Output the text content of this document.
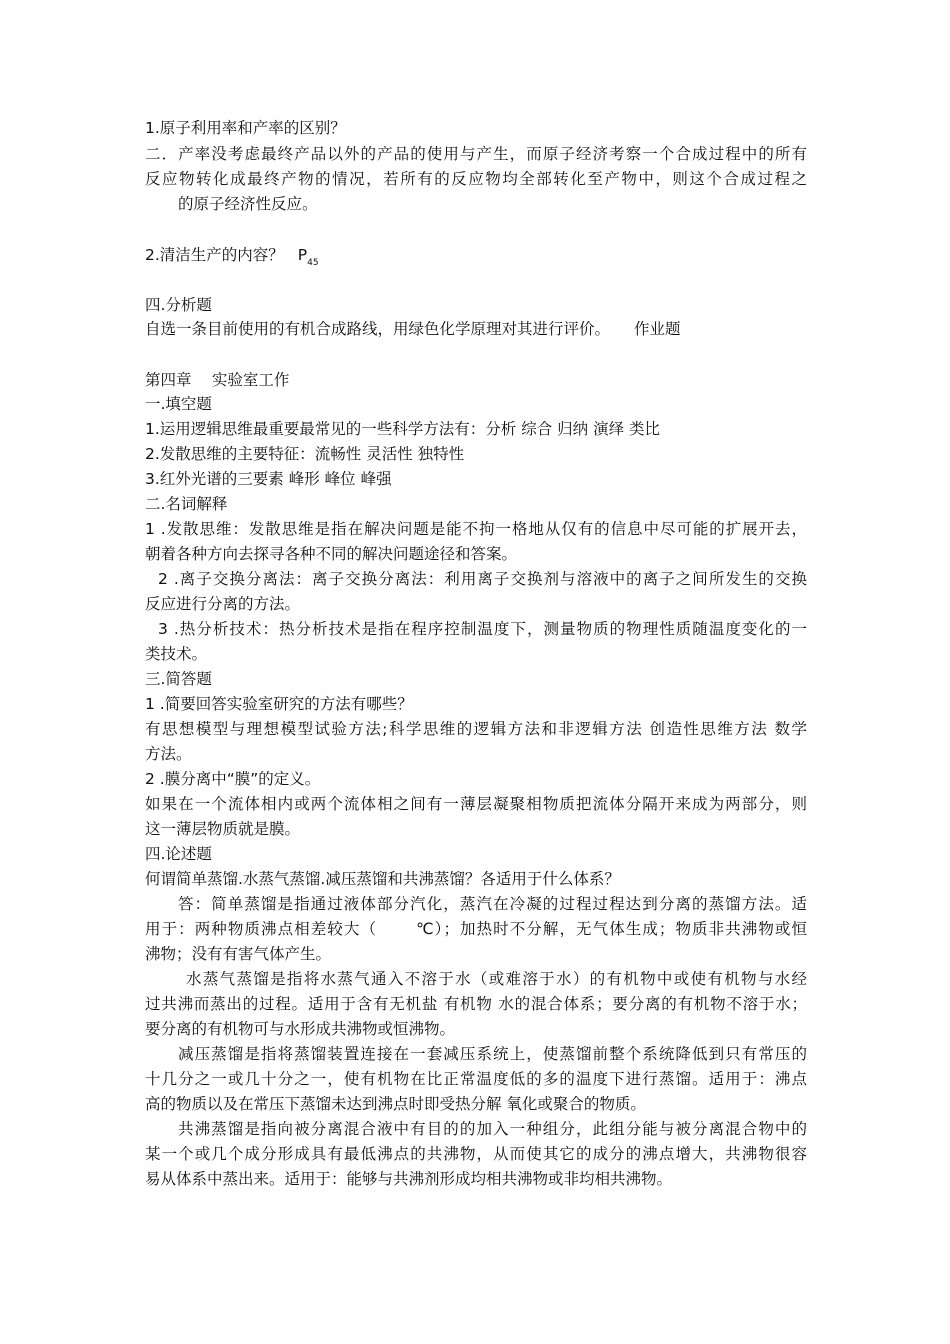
1.原子利用率和产率的区别？
二．产率没考虑最终产品以外的产品的使用与产生，而原子经济考察一个合成过程中的所有
反应物转化成最终产物的情况，若所有的反应物均全部转化至产物中，则这个合成过程之
的原子经济性反应。
2.清洁生产的内容？ $P_{45}$
四.分析题
自选一条目前使用的有机合成路线，用绿色化学原理对其进行评价。 作业题
第四章　 实验室工作
一.填空题
1.运用逻辑思维最重要最常见的一些科学方法有：分析 综合 归纳 演绎 类比
2.发散思维的主要特征：流畅性 灵活性 独特性
3.红外光谱的三要素 峰形 峰位 峰强
二.名词解释
1 .发散思维：发散思维是指在解决问题是能不拘一格地从仅有的信息中尽可能的扩展开去，
朝着各种方向去探寻各种不同的解决问题途径和答案。
2 .离子交换分离法：离子交换分离法：利用离子交换剂与溶液中的离子之间所发生的交换
反应进行分离的方法。
3 .热分析技术：热分析技术是指在程序控制温度下，测量物质的物理性质随温度变化的一
类技术。
三.简答题
1 .简要回答实验室研究的方法有哪些？
有思想模型与理想模型试验方法;科学思维的逻辑方法和非逻辑方法 创造性思维方法 数学
方法。
2 .膜分离中“膜”的定义。
如果在一个流体相内或两个流体相之间有一薄层凝聚相物质把流体分隔开来成为两部分，则
这一薄层物质就是膜。
四.论述题
何谓简单蒸馏.水蒸气蒸馏.减压蒸馏和共沸蒸馏？各适用于什么体系？
答：简单蒸馏是指通过液体部分汽化，蒸汽在冷凝的过程过程达到分离的蒸馏方法。适
用于：两种物质沸点相差较大（　　 ℃）；加热时不分解，无气体生成；物质非共沸物或恒
沸物；没有有害气体产生。
水蒸气蒸馏是指将水蒸气通入不溶于水（或难溶于水）的有机物中或使有机物与水经
过共沸而蒸出的过程。适用于含有无机盐 有机物 水的混合体系；要分离的有机物不溶于水；
要分离的有机物可与水形成共沸物或恒沸物。
减压蒸馏是指将蒸馏装置连接在一套减压系统上，使蒸馏前整个系统降低到只有常压的
十几分之一或几十分之一，使有机物在比正常温度低的多的温度下进行蒸馏。适用于：沸点
高的物质以及在常压下蒸馏未达到沸点时即受热分解 氧化或聚合的物质。
共沸蒸馏是指向被分离混合液中有目的的加入一种组分，此组分能与被分离混合物中的
某一个或几个成分形成具有最低沸点的共沸物，从而使其它的成分的沸点增大，共沸物很容
易从体系中蒸出来。适用于：能够与共沸剂形成均相共沸物或非均相共沸物。
